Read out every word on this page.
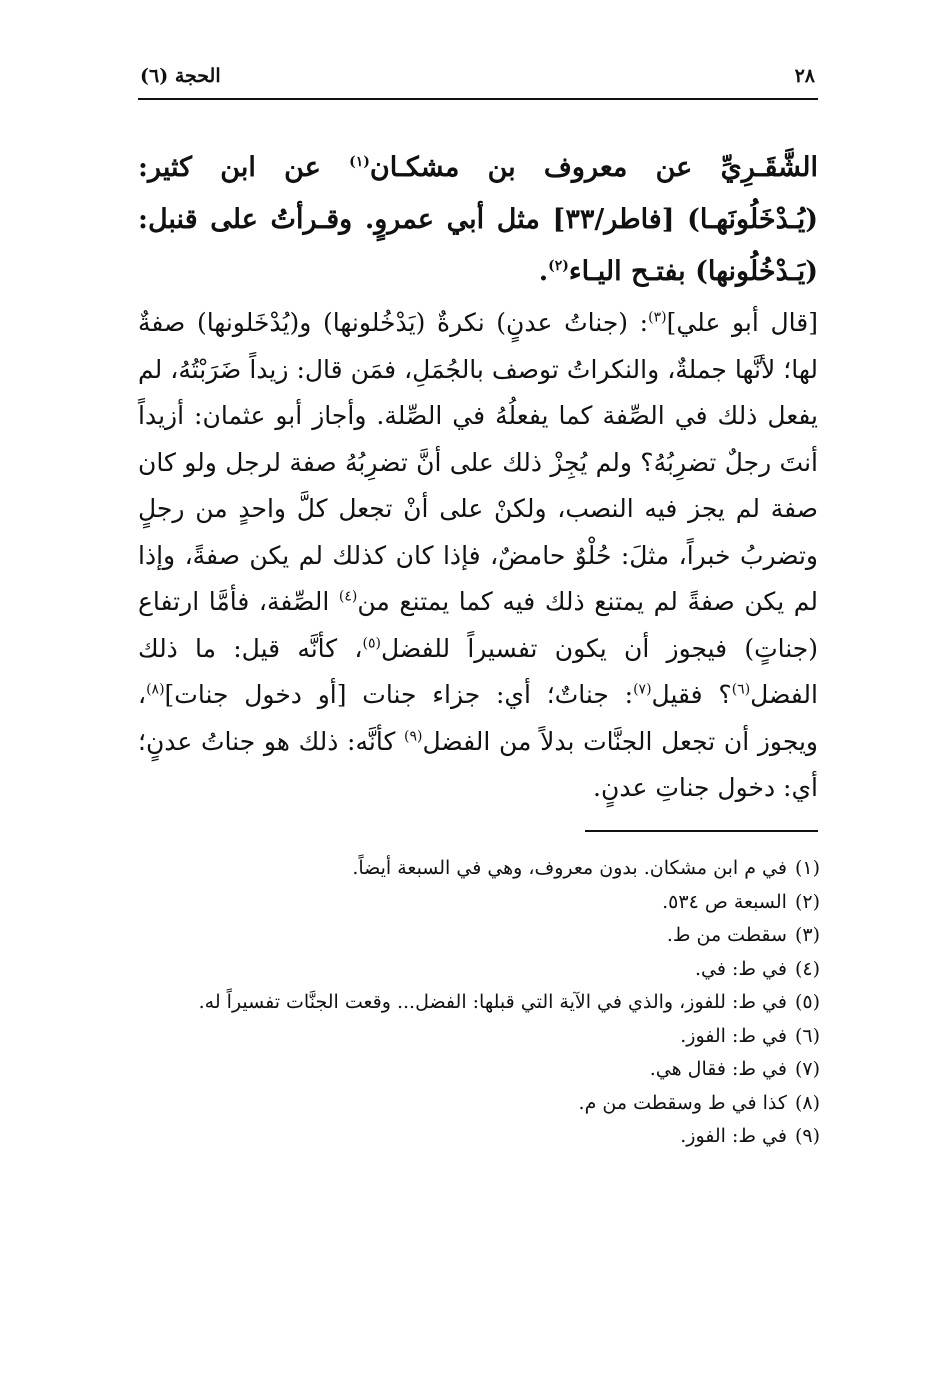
٢٨
الحجة (٦)

الشَّقَـرِيِّ عن معروف بن مشكـان$^{(١)}$ عن ابن كثير: (يُـدْخَلُونَهـا) [فاطر/٣٣] مثل أبي عمروٍ. وقـرأتُ على قنبل: (يَـدْخُلُونها) بفتـح اليـاء$^{(٢)}$.

[قال أبو علي]$^{(٣)}$: (جناتُ عدنٍ) نكرةٌ (يَدْخُلونها) و(يُدْخَلونها) صفةٌ لها؛ لأنَّها جملةٌ، والنكراتُ توصف بالجُمَلِ، فمَن قال: زيداً ضَرَبْتُهُ، لم يفعل ذلك في الصِّفة كما يفعلُهُ في الصِّلة. وأجاز أبو عثمان: أزيداً أنتَ رجلٌ تضرِبُهُ؟ ولم يُجِزْ ذلك على أنَّ تضرِبُهُ صفة لرجل ولو كان صفة لم يجز فيه النصب، ولكنْ على أنْ تجعل كلَّ واحدٍ من رجلٍ وتضربُ خبراً، مثلَ: حُلْوٌ حامضٌ، فإذا كان كذلك لم يكن صفةً، وإذا لم يكن صفةً لم يمتنع ذلك فيه كما يمتنع من$^{(٤)}$ الصِّفة، فأمَّا ارتفاع (جناتٍ) فيجوز أن يكون تفسيراً للفضل$^{(٥)}$، كأنَّه قيل: ما ذلك الفضل$^{(٦)}$؟ فقيل$^{(٧)}$: جناتٌ؛ أي: جزاء جنات [أو دخول جنات]$^{(٨)}$، ويجوز أن تجعل الجنَّات بدلاً من الفضل$^{(٩)}$ كأنَّه: ذلك هو جناتُ عدنٍ؛ أي: دخول جناتِ عدنٍ.

(١)
في م ابن مشكان. بدون معروف، وهي في السبعة أيضاً.
(٢)
السبعة ص ٥٣٤.
(٣)
سقطت من ط.
(٤)
في ط: في.
(٥)
في ط: للفوز، والذي في الآية التي قبلها: الفضل... وقعت الجنَّات تفسيراً له.
(٦)
في ط: الفوز.
(٧)
في ط: فقال هي.
(٨)
كذا في ط وسقطت من م.
(٩)
في ط: الفوز.
